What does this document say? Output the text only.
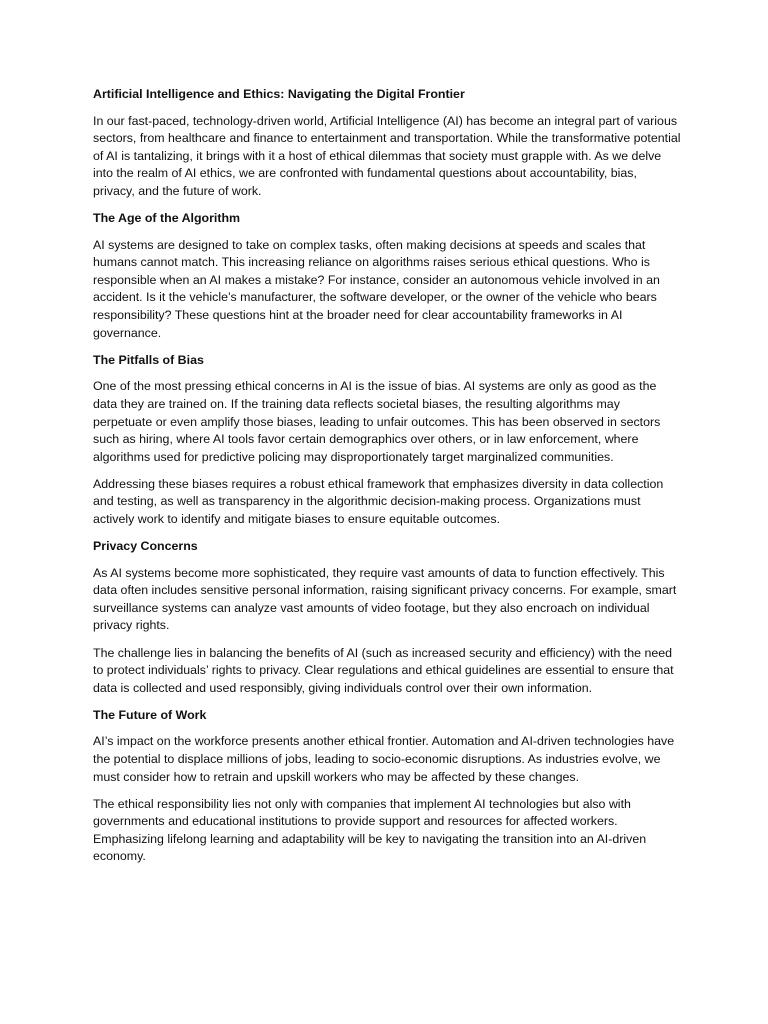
Artificial Intelligence and Ethics: Navigating the Digital Frontier

In our fast-paced, technology-driven world, Artificial Intelligence (AI) has become an integral part of various sectors, from healthcare and finance to entertainment and transportation. While the transformative potential of AI is tantalizing, it brings with it a host of ethical dilemmas that society must grapple with. As we delve into the realm of AI ethics, we are confronted with fundamental questions about accountability, bias, privacy, and the future of work.

The Age of the Algorithm

AI systems are designed to take on complex tasks, often making decisions at speeds and scales that humans cannot match. This increasing reliance on algorithms raises serious ethical questions. Who is responsible when an AI makes a mistake? For instance, consider an autonomous vehicle involved in an accident. Is it the vehicle’s manufacturer, the software developer, or the owner of the vehicle who bears responsibility? These questions hint at the broader need for clear accountability frameworks in AI governance.

The Pitfalls of Bias

One of the most pressing ethical concerns in AI is the issue of bias. AI systems are only as good as the data they are trained on. If the training data reflects societal biases, the resulting algorithms may perpetuate or even amplify those biases, leading to unfair outcomes. This has been observed in sectors such as hiring, where AI tools favor certain demographics over others, or in law enforcement, where algorithms used for predictive policing may disproportionately target marginalized communities.

Addressing these biases requires a robust ethical framework that emphasizes diversity in data collection and testing, as well as transparency in the algorithmic decision-making process. Organizations must actively work to identify and mitigate biases to ensure equitable outcomes.

Privacy Concerns

As AI systems become more sophisticated, they require vast amounts of data to function effectively. This data often includes sensitive personal information, raising significant privacy concerns. For example, smart surveillance systems can analyze vast amounts of video footage, but they also encroach on individual privacy rights.

The challenge lies in balancing the benefits of AI (such as increased security and efficiency) with the need to protect individuals’ rights to privacy. Clear regulations and ethical guidelines are essential to ensure that data is collected and used responsibly, giving individuals control over their own information.

The Future of Work

AI’s impact on the workforce presents another ethical frontier. Automation and AI-driven technologies have the potential to displace millions of jobs, leading to socio-economic disruptions. As industries evolve, we must consider how to retrain and upskill workers who may be affected by these changes.

The ethical responsibility lies not only with companies that implement AI technologies but also with governments and educational institutions to provide support and resources for affected workers. Emphasizing lifelong learning and adaptability will be key to navigating the transition into an AI-driven economy.
